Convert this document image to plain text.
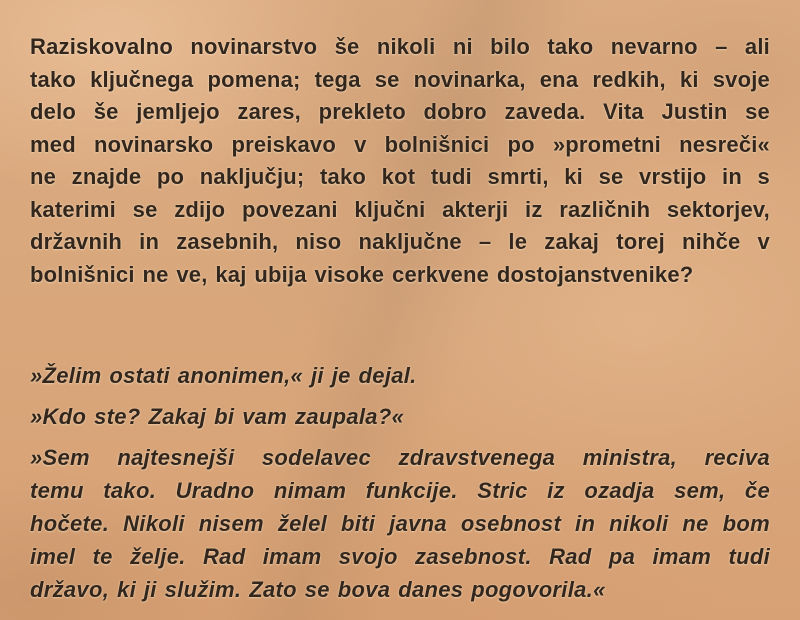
Raziskovalno novinarstvo še nikoli ni bilo tako nevarno – ali
tako ključnega pomena; tega se novinarka, ena redkih, ki svoje
delo še jemljejo zares, prekleto dobro zaveda. Vita Justin se
med novinarsko preiskavo v bolnišnici po »prometni nesreči«
ne znajde po naključju; tako kot tudi smrti, ki se vrstijo in s
katerimi se zdijo povezani ključni akterji iz različnih sektorjev,
državnih in zasebnih, niso naključne – le zakaj torej nihče v
bolnišnici ne ve, kaj ubija visoke cerkvene dostojanstvenike?
»Želim ostati anonimen,« ji je dejal.
»Kdo ste? Zakaj bi vam zaupala?«
»Sem najtesnejši sodelavec zdravstvenega ministra, reciva
temu tako. Uradno nimam funkcije. Stric iz ozadja sem, če
hočete. Nikoli nisem želel biti javna osebnost in nikoli ne bom
imel te želje. Rad imam svojo zasebnost. Rad pa imam tudi
državo, ki ji služim. Zato se bova danes pogovorila.«
